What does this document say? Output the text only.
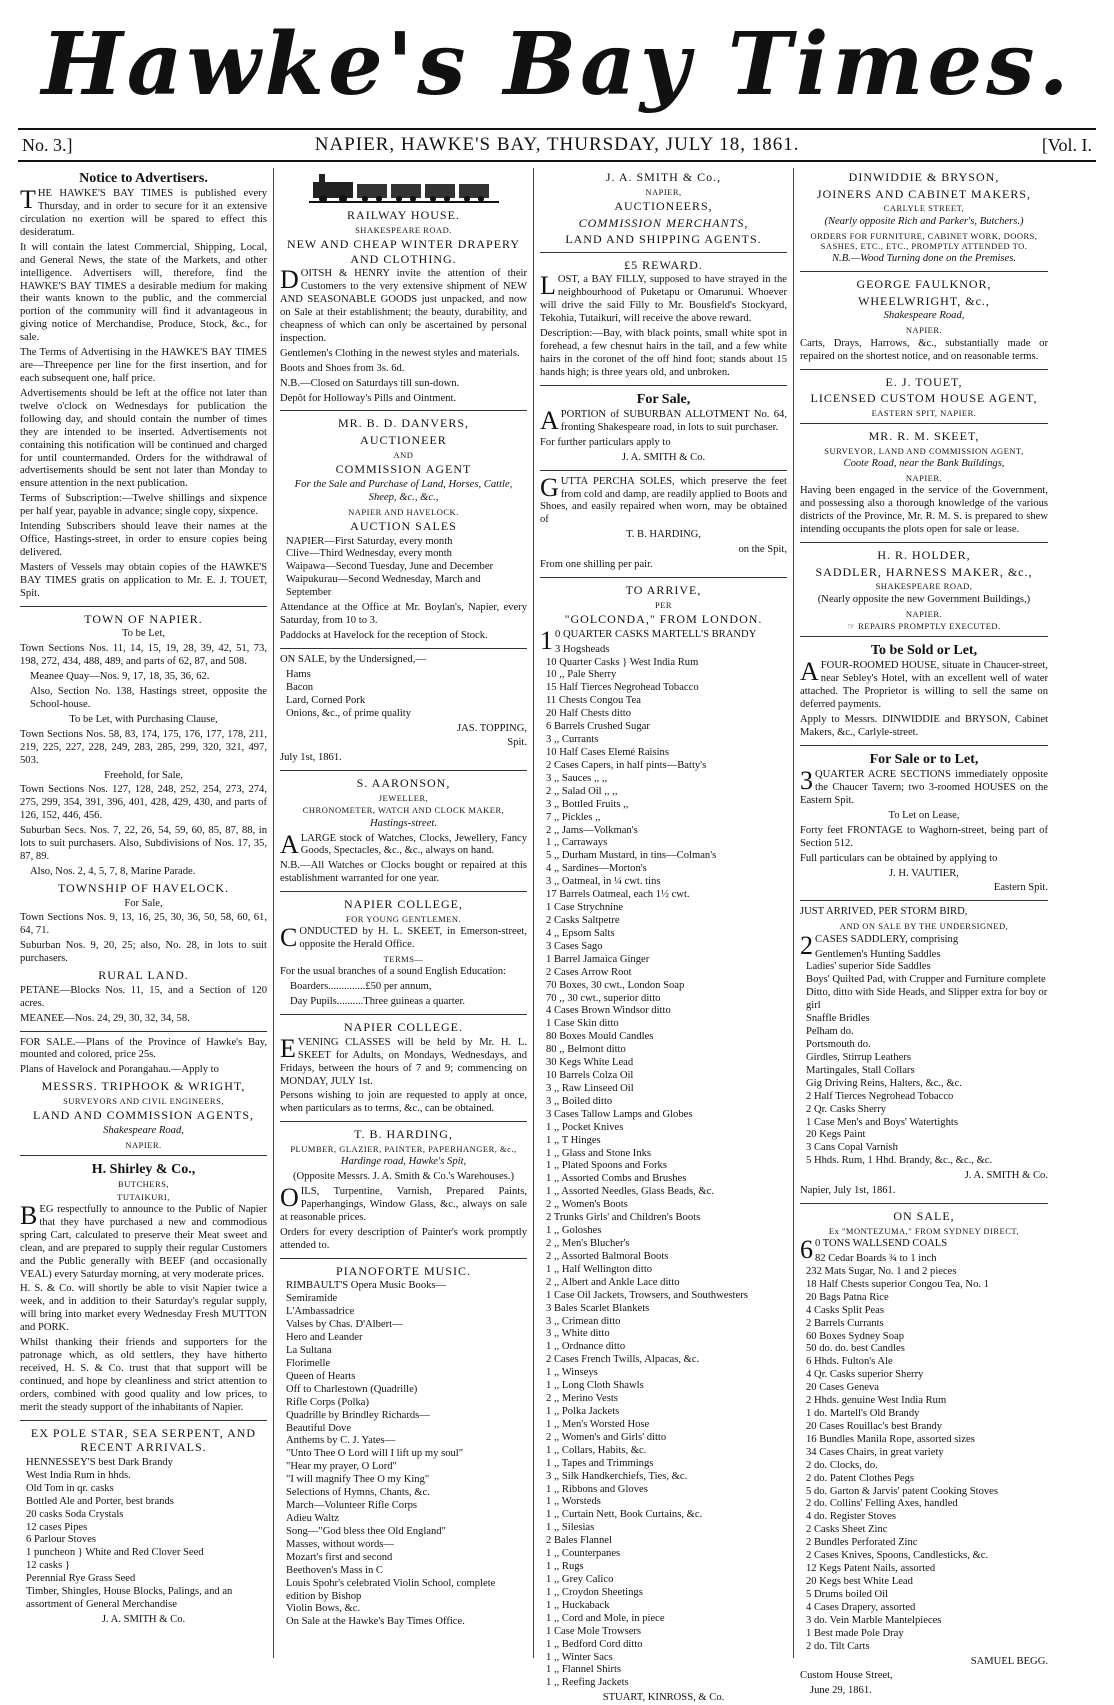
Hawke's Bay Times.
No. 3.]	NAPIER, HAWKE'S BAY, THURSDAY, JULY 18, 1861.	[Vol. I.
Notice to Advertisers.

THE HAWKE'S BAY TIMES is published every Thursday, and in order to secure for it an extensive circulation no exertion will be spared to effect this desideratum.

It will contain the latest Commercial, Shipping, Local, and General News, the state of the Markets, and other intelligence. Advertisers will, therefore, find the HAWKE'S BAY TIMES a desirable medium for making their wants known to the public, and the commercial portion of the community will find it advantageous in giving notice of Merchandise, Produce, Stock, &c., for sale.

The Terms of Advertising in the HAWKE'S BAY TIMES are—Threepence per line for the first insertion, and for each subsequent one, half price.

Advertisements should be left at the office not later than twelve o'clock on Wednesdays for publication the following day, and should contain the number of times they are intended to be inserted. Advertisements not containing this notification will be continued and charged for until countermanded. Orders for the withdrawal of advertisements should be sent not later than Monday to ensure attention in the next publication.

Terms of Subscription:—Twelve shillings and sixpence per half year, payable in advance; single copy, sixpence.

Intending Subscribers should leave their names at the Office, Hastings-street, in order to ensure copies being delivered.

Masters of Vessels may obtain copies of the HAWKE'S BAY TIMES gratis on application to Mr. E. J. TOUET, Spit.

TOWN OF NAPIER.

To be Let,

Town Sections Nos. 11, 14, 15, 19, 28, 39, 42, 51, 73, 198, 272, 434, 488, 489, and parts of 62, 87, and 508.

Meanee Quay—Nos. 9, 17, 18, 35, 36, 62.

Also, Section No. 138, Hastings street, opposite the School-house.

To be Let, with Purchasing Clause,

Town Sections Nos. 58, 83, 174, 175, 176, 177, 178, 211, 219, 225, 227, 228, 249, 283, 285, 299, 320, 321, 497, 503.

Freehold, for Sale,

Town Sections Nos. 127, 128, 248, 252, 254, 273, 274, 275, 299, 354, 391, 396, 401, 428, 429, 430, and parts of 126, 152, 446, 456.

Suburban Secs. Nos. 7, 22, 26, 54, 59, 60, 85, 87, 88, in lots to suit purchasers. Also, Subdivisions of Nos. 17, 35, 87, 89.

Also, Nos. 2, 4, 5, 7, 8, Marine Parade.

TOWNSHIP OF HAVELOCK.

For Sale,

Town Sections Nos. 9, 13, 16, 25, 30, 36, 50, 58, 60, 61, 64, 71.

Suburban Nos. 9, 20, 25; also, No. 28, in lots to suit purchasers.

RURAL LAND.

PETANE—Blocks Nos. 11, 15, and a Section of 120 acres.

MEANEE—Nos. 24, 29, 30, 32, 34, 58.

FOR SALE.—Plans of the Province of Hawke's Bay, mounted and colored, price 25s.

Plans of Havelock and Porangahau.—Apply to

MESSRS. TRIPHOOK & WRIGHT,
SURVEYORS AND CIVIL ENGINEERS,
LAND AND COMMISSION AGENTS,
Shakespeare Road,
NAPIER.
H. Shirley & Co.,
BUTCHERS,
TUTAIKURI,

BEG respectfully to announce to the Public of Napier that they have purchased a new and commodious spring Cart, calculated to preserve their Meat sweet and clean, and are prepared to supply their regular Customers and the Public generally with BEEF (and occasionally VEAL) every Saturday morning, at very moderate prices.

H. S. & Co. will shortly be able to visit Napier twice a week, and in addition to their Saturday's regular supply, will bring into market every Wednesday Fresh MUTTON and PORK.

Whilst thanking their friends and supporters for the patronage which, as old settlers, they have hitherto received, H. S. & Co. trust that that support will be continued, and hope by cleanliness and strict attention to orders, combined with good quality and low prices, to merit the steady support of the inhabitants of Napier.

EX POLE STAR, SEA SERPENT, AND RECENT ARRIVALS.
HENNESSEY'S best Dark Brandy
West India Rum in hhds.
Old Tom in qr. casks
Bottled Ale and Porter, best brands
20 casks Soda Crystals
12 cases Pipes
6 Parlour Stoves
1 puncheon } White and Red Clover Seed
12 casks }
Perennial Rye Grass Seed
Timber, Shingles, House Blocks, Palings, and an assortment of General Merchandise

J. A. SMITH & Co.

RAILWAY HOUSE.
SHAKESPEARE ROAD.
NEW AND CHEAP WINTER DRAPERY AND CLOTHING.

DOITSH & HENRY invite the attention of their Customers to the very extensive shipment of NEW AND SEASONABLE GOODS just unpacked, and now on Sale at their establishment; the beauty, durability, and cheapness of which can only be ascertained by personal inspection.

Gentlemen's Clothing in the newest styles and materials.

Boots and Shoes from 3s. 6d.

N.B.—Closed on Saturdays till sun-down.

Depôt for Holloway's Pills and Ointment.

MR. B. D. DANVERS,
AUCTIONEER
AND
COMMISSION AGENT
For the Sale and Purchase of Land, Horses, Cattle, Sheep, &c., &c.,
NAPIER AND HAVELOCK.
AUCTION SALES
NAPIER—First Saturday, every month
Clive—Third Wednesday, every month
Waipawa—Second Tuesday, June and December
Waipukurau—Second Wednesday, March and September

Attendance at the Office at Mr. Boylan's, Napier, every Saturday, from 10 to 3.

Paddocks at Havelock for the reception of Stock.

ON SALE, by the Undersigned,—

Hams
Bacon
Lard, Corned Pork
Onions, &c., of prime quality

JAS. TOPPING,

Spit.

July 1st, 1861.

S. AARONSON,
JEWELLER,
CHRONOMETER, WATCH AND CLOCK MAKER,
Hastings-street.

ALARGE stock of Watches, Clocks, Jewellery, Fancy Goods, Spectacles, &c., &c., always on hand.

N.B.—All Watches or Clocks bought or repaired at this establishment warranted for one year.

NAPIER COLLEGE,
FOR YOUNG GENTLEMEN.

CONDUCTED by H. L. SKEET, in Emerson-street, opposite the Herald Office.

TERMS—

For the usual branches of a sound English Education:

Boarders..............£50 per annum,

Day Pupils..........Three guineas a quarter.

NAPIER COLLEGE.

EVENING CLASSES will be held by Mr. H. L. SKEET for Adults, on Mondays, Wednesdays, and Fridays, between the hours of 7 and 9; commencing on MONDAY, JULY 1st.

Persons wishing to join are requested to apply at once, when particulars as to terms, &c., can be obtained.

T. B. HARDING,
PLUMBER, GLAZIER, PAINTER, PAPERHANGER, &c.,
Hardinge road, Hawke's Spit,

(Opposite Messrs. J. A. Smith & Co.'s Warehouses.)

OILS, Turpentine, Varnish, Prepared Paints, Paperhangings, Window Glass, &c., always on sale at reasonable prices.

Orders for every description of Painter's work promptly attended to.

PIANOFORTE MUSIC.
RIMBAULT'S Opera Music Books—
Semiramide
L'Ambassadrice
Valses by Chas. D'Albert—
Hero and Leander
La Sultana
Florimelle
Queen of Hearts
Off to Charlestown (Quadrille)
Rifle Corps (Polka)
Quadrille by Brindley Richards—
Beautiful Dove
Anthems by C. J. Yates—
"Unto Thee O Lord will I lift up my soul"
"Hear my prayer, O Lord"
"I will magnify Thee O my King"
Selections of Hymns, Chants, &c.
March—Volunteer Rifle Corps
Adieu Waltz
Song—"God bless thee Old England"
Masses, without words—
Mozart's first and second
Beethoven's Mass in C
Louis Spohr's celebrated Violin School, complete edition by Bishop
Violin Bows, &c.
On Sale at the Hawke's Bay Times Office.
J. A. SMITH & Co.,
NAPIER,
AUCTIONEERS,
COMMISSION MERCHANTS,
LAND AND SHIPPING AGENTS.
£5 REWARD.

LOST, a BAY FILLY, supposed to have strayed in the neighbourhood of Puketapu or Omarunui. Whoever will drive the said Filly to Mr. Bousfield's Stockyard, Tekohia, Tutaikuri, will receive the above reward.

Description:—Bay, with black points, small white spot in forehead, a few chesnut hairs in the tail, and a few white hairs in the coronet of the off hind foot; stands about 15 hands high; is three years old, and unbroken.

For Sale,

APORTION of SUBURBAN ALLOTMENT No. 64, fronting Shakespeare road, in lots to suit purchaser.

For further particulars apply to

J. A. SMITH & Co.

GUTTA PERCHA SOLES, which preserve the feet from cold and damp, are readily applied to Boots and Shoes, and easily repaired when worn, may be obtained of

T. B. HARDING,

on the Spit,

From one shilling per pair.

TO ARRIVE,
PER
"GOLCONDA," FROM LONDON.

10 QUARTER CASKS MARTELL'S BRANDY

3 Hogsheads
10 Quarter Casks } West India Rum
10 ,, Pale Sherry
15 Half Tierces Negrohead Tobacco
11 Chests Congou Tea
20 Half Chests ditto
6 Barrels Crushed Sugar
3 ,, Currants
10 Half Cases Elemé Raisins
2 Cases Capers, in half pints—Batty's
3 ,, Sauces ,, ,,
2 ,, Salad Oil ,, ,,
3 ,, Bottled Fruits ,,
7 ,, Pickles ,,
2 ,, Jams—Volkman's
1 ,, Carraways
5 ,, Durham Mustard, in tins—Colman's
4 ,, Sardines—Morton's
3 ,, Oatmeal, in ¼ cwt. tins
17 Barrels Oatmeal, each 1½ cwt.
1 Case Strychnine
2 Casks Saltpetre
4 ,, Epsom Salts
3 Cases Sago
1 Barrel Jamaica Ginger
2 Cases Arrow Root
70 Boxes, 30 cwt., London Soap
70 ,, 30 cwt., superior ditto
4 Cases Brown Windsor ditto
1 Case Skin ditto
80 Boxes Mould Candles
80 ,, Belmont ditto
30 Kegs White Lead
10 Barrels Colza Oil
3 ,, Raw Linseed Oil
3 ,, Boiled ditto
3 Cases Tallow Lamps and Globes
1 ,, Pocket Knives
1 ,, T Hinges
1 ,, Glass and Stone Inks
1 ,, Plated Spoons and Forks
1 ,, Assorted Combs and Brushes
1 ,, Assorted Needles, Glass Beads, &c.
2 ,, Women's Boots
2 Trunks Girls' and Children's Boots
1 ,, Goloshes
2 ,, Men's Blucher's
2 ,, Assorted Balmoral Boots
1 ,, Half Wellington ditto
2 ,, Albert and Ankle Lace ditto
1 Case Oil Jackets, Trowsers, and Southwesters
3 Bales Scarlet Blankets
3 ,, Crimean ditto
3 ,, White ditto
1 ,, Ordnance ditto
2 Cases French Twills, Alpacas, &c.
1 ,, Winseys
1 ,, Long Cloth Shawls
2 ,, Merino Vests
1 ,, Polka Jackets
1 ,, Men's Worsted Hose
2 ,, Women's and Girls' ditto
1 ,, Collars, Habits, &c.
1 ,, Tapes and Trimmings
3 ,, Silk Handkerchiefs, Ties, &c.
1 ,, Ribbons and Gloves
1 ,, Worsteds
1 ,, Curtain Nett, Book Curtains, &c.
1 ,, Silesias
2 Bales Flannel
1 ,, Counterpanes
1 ,, Rugs
1 ,, Grey Calico
1 ,, Croydon Sheetings
1 ,, Huckaback
1 ,, Cord and Mole, in piece
1 Case Mole Trowsers
1 ,, Bedford Cord ditto
1 ,, Winter Sacs
1 ,, Flannel Shirts
1 ,, Reefing Jackets

STUART, KINROSS, & Co.

DINWIDDIE & BRYSON,
JOINERS AND CABINET MAKERS,
CARLYLE STREET,
(Nearly opposite Rich and Parker's, Butchers.)
ORDERS FOR FURNITURE, CABINET WORK, DOORS, SASHES, ETC., ETC., PROMPTLY ATTENDED TO.
N.B.—Wood Turning done on the Premises.
GEORGE FAULKNOR,
WHEELWRIGHT, &c.,
Shakespeare Road,
NAPIER.

Carts, Drays, Harrows, &c., substantially made or repaired on the shortest notice, and on reasonable terms.

E. J. TOUET,
LICENSED CUSTOM HOUSE AGENT,
EASTERN SPIT, NAPIER.
MR. R. M. SKEET,
SURVEYOR, LAND AND COMMISSION AGENT,
Coote Road, near the Bank Buildings,
NAPIER.

Having been engaged in the service of the Government, and possessing also a thorough knowledge of the various districts of the Province, Mr. R. M. S. is prepared to shew intending occupants the plots open for sale or lease.

H. R. HOLDER,
SADDLER, HARNESS MAKER, &c.,
SHAKESPEARE ROAD,

(Nearly opposite the new Government Buildings,)

NAPIER.
☞ REPAIRS PROMPTLY EXECUTED.
To be Sold or Let,

AFOUR-ROOMED HOUSE, situate in Chaucer-street, near Sebley's Hotel, with an excellent well of water attached. The Proprietor is willing to sell the same on deferred payments.

Apply to Messrs. DINWIDDIE and BRYSON, Cabinet Makers, &c., Carlyle-street.

For Sale or to Let,

3QUARTER ACRE SECTIONS immediately opposite the Chaucer Tavern; two 3-roomed HOUSES on the Eastern Spit.

To Let on Lease,

Forty feet FRONTAGE to Waghorn-street, being part of Section 512.

Full particulars can be obtained by applying to

J. H. VAUTIER,

Eastern Spit.

JUST ARRIVED, PER STORM BIRD,

AND ON SALE BY THE UNDERSIGNED,

2CASES SADDLERY, comprising

Gentlemen's Hunting Saddles
Ladies' superior Side Saddles
Boys' Quilted Pad, with Crupper and Furniture complete
Ditto, ditto with Side Heads, and Slipper extra for boy or girl
Snaffle Bridles
Pelham do.
Portsmouth do.
Girdles, Stirrup Leathers
Martingales, Stall Collars
Gig Driving Reins, Halters, &c., &c.
2 Half Tierces Negrohead Tobacco
2 Qr. Casks Sherry
1 Case Men's and Boys' Watertights
20 Kegs Paint
3 Cans Copal Varnish
5 Hhds. Rum, 1 Hhd. Brandy, &c., &c., &c.

J. A. SMITH & Co.

Napier, July 1st, 1861.

ON SALE,
Ex "MONTEZUMA," FROM SYDNEY DIRECT,

60 TONS WALLSEND COALS

82 Cedar Boards ¾ to 1 inch
232 Mats Sugar, No. 1 and 2 pieces
18 Half Chests superior Congou Tea, No. 1
20 Bags Patna Rice
4 Casks Split Peas
2 Barrels Currants
60 Boxes Sydney Soap
50 do. do. best Candles
6 Hhds. Fulton's Ale
4 Qr. Casks superior Sherry
20 Cases Geneva
2 Hhds. genuine West India Rum
1 do. Martell's Old Brandy
20 Cases Rouillac's best Brandy
16 Bundles Manila Rope, assorted sizes
34 Cases Chairs, in great variety
2 do. Clocks, do.
2 do. Patent Clothes Pegs
5 do. Garton & Jarvis' patent Cooking Stoves
2 do. Collins' Felling Axes, handled
4 do. Register Stoves
2 Casks Sheet Zinc
2 Bundles Perforated Zinc
2 Cases Knives, Spoons, Candlesticks, &c.
12 Kegs Patent Nails, assorted
20 Kegs best White Lead
5 Drums boiled Oil
4 Cases Drapery, assorted
3 do. Vein Marble Mantelpieces
1 Best made Pole Dray
2 do. Tilt Carts

SAMUEL BEGG.

Custom House Street,

June 29, 1861.
